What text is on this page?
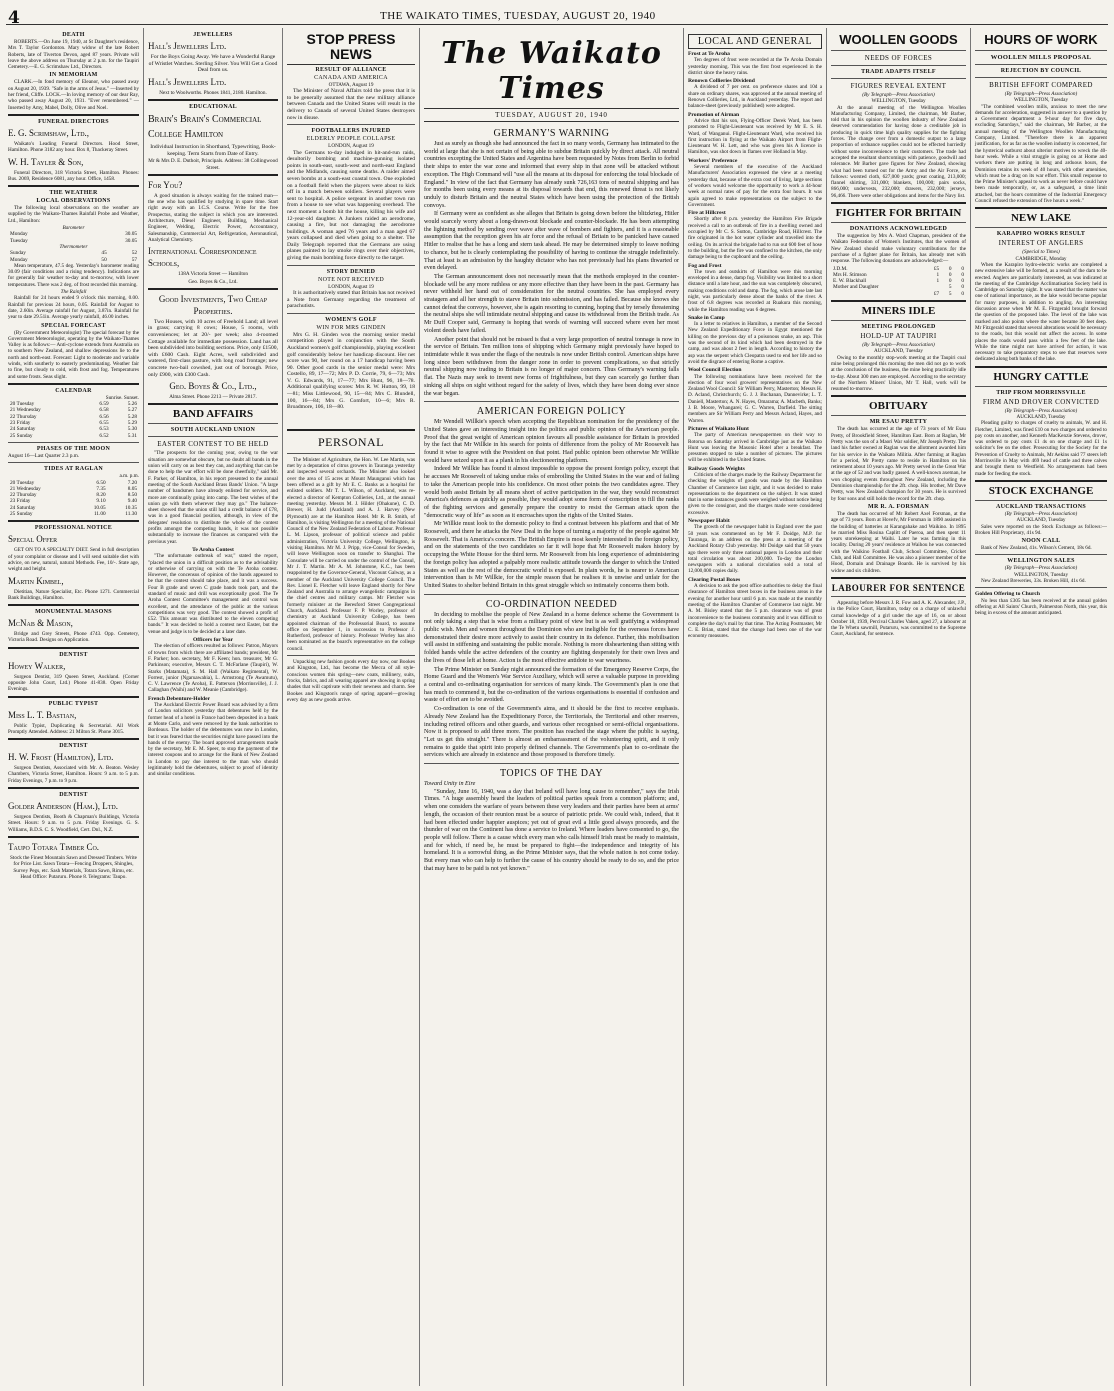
4	THE WAIKATO TIMES, TUESDAY, AUGUST 20, 1940
DEATH

ROBERTS.—On June 19, 1940, at St Daughter's residence, Mrs T. Taylor Gordonton. Mary widow of the late Robert Roberts, late of Tiverton Devon, aged 87 years. Private will leave the above address on Thursday at 2 p.m. for the Taupiri Cemetery.—E. G. Scrimshaw Ltd., Directors.

IN MEMORIAM

CLARK.—In fond memory of Eleanor, who passed away on August 20, 1939. "Safe in the arms of Jesus." —Inserted by her friend, Cliffe. LOCK.—In loving memory of our dear Ray, who passed away August 20, 1931. "Ever remembered." —Inserted by Amy, Mabel, Dolly, Olive and Noel.

FUNERAL DIRECTORS
E. G. Scrimshaw, Ltd.,

Waikato's Leading Funeral Directors. Hood Street, Hamilton. Phone 3182 any hour. Box 8, Thackeray Street.

W. H. Tayler & Son,

Funeral Directors, 318 Victoria Street, Hamilton. Phones: Bus. 2069, Residence 6081, any hour. Office, 1458.

THE WEATHER
LOCAL OBSERVATIONS

The following local observations on the weather are supplied by the Waikato-Thames Rainfall Probe and Weather, Ltd., Hamilton:

Barometer
Monday	30.05
Tuesday	30.05
Thermometer
Sunday	45	52
Monday	50	57

Mean temperature, 47.5 deg. Yesterday's barometer reading 30.09 (fair conditions and a rising tendency). Indications are for generally fair weather to-day and to-morrow, with lower temperatures. There was 2 deg. of frost recorded this morning.

The Rainfall

Rainfall for 24 hours ended 9 o'clock this morning, 0.00. Rainfall for previous 24 hours, 0.05. Rainfall for August to date, 2.60in. Average rainfall for August, 3.87in. Rainfall for year to date 29.51in. Average yearly rainfall, 46.00 inches.

SPECIAL FORECAST

(By Government Meteorologist) The special forecast by the Government Meteorologist, operating by the Waikato-Thames Valley is as follows:— Anti-cyclone extends from Australia on to southern New Zealand, and shallow depressions lie to the north and north-east. Forecast: Light to moderate and variable winds, with southerly to easterly predominating. Weather fair to fine, but cloudy to cold, with frost and fog. Temperatures and some frosts. Seas slight.

CALENDAR
Sunrise. Sunset.
20 Tuesday	6.59	5.26
21 Wednesday	6.58	5.27
22 Thursday	6.56	5.28
23 Friday	6.55	5.29
24 Saturday	6.53	5.30
25 Sunday	6.52	5.31
PHASES OF THE MOON
August 16—Last Quarter 2.3 p.m.
TIDES AT RAGLAN
a.m. p.m.
20 Tuesday	6.50	7.20
21 Wednesday	7.35	8.05
22 Thursday	8.20	8.50
23 Friday	9.10	9.40
24 Saturday	10.05	10.35
25 Sunday	11.00	11.30
PROFESSIONAL NOTICE
Special Offer

GET ON TO A SPECIALTY DIET. Send in full description of your complaint or disease and I will send suitable diet with advice, on new, natural, natural Methods. Fee, 10/-. State age, weight and height.

Martin Kimbel,

Dietitian, Nature Specialist, Etc. Phone 1271. Commercial Bank Buildings, Hamilton.

MONUMENTAL MASONS
McNab & Mason,

Bridge and Grey Streets, Phone 4743. Opp. Cemetery, Victoria Road. Designs on Application.

DENTIST
Howey Walker,

Surgeon Dentist, 319 Queen Street, Auckland. (Corner opposite John Court, Ltd.) Phone 41-838. Open Friday Evenings.

PUBLIC TYPIST
Miss L. T. Bastian,

Public Typist, Duplicating & Secretarial. All Work Promptly Attended. Address: 21 Milton St. Phone 3015.

DENTIST
H. W. Frost (Hamilton), Ltd.

Surgeon Dentists, Associated with Mr. A. Beaton. Wesley Chambers, Victoria Street, Hamilton. Hours: 9 a.m. to 5 p.m. Friday Evenings, 7 p.m. to 9 p.m.

DENTIST
Golder Anderson (Ham.), Ltd.

Surgeon Dentists, Booth & Chapman's Buildings, Victoria Street. Hours: 9 a.m. to 5 p.m. Friday Evenings. G. S. Williams, B.D.S. C. S. Woodfield, Cert. Dnl., N.Z.

Taupo Totara Timber Co.

Stock the Finest Mountain Sawn and Dressed Timbers. Write for Price List. Sawn Totara—Fencing Droppers, Shingles, Survey Pegs, etc. Sash Materials, Totara Sawn, Rimu, etc. Head Office: Putaruru. Phone 8. Telegrams: Taupo.

JEWELLERS
Hall's Jewellers Ltd.

For the Boys Going Away. We have a Wonderful Range of Wristlet Watches. Sterling Silver. You Will Get a Good Deal from us.

Hall's Jewellers Ltd.

Next to Woolworths. Phones 1841, 2180. Hamilton.

EDUCATIONAL
Brain's Brain's Commercial College Hamilton

Individual Instruction in Shorthand, Typewriting, Book-keeping. Term Starts from Date of Entry.

Mr & Mrs D. E. Duthoit, Principals. Address: 38 Collingwood Street.

For You?

A good situation is always waiting for the trained man—the one who has qualified by studying in spare time. Start right away with an I.C.S. Course. Write for the free Prospectus, stating the subject in which you are interested. Architecture, Diesel Engineer, Building, Mechanical Engineer, Welding, Electric Power, Accountancy, Salesmanship, Commercial Art, Refrigeration, Aeronautical, Analytical Chemistry.

International Correspondence Schools,

138A Victoria Street — Hamilton

Geo. Boyes & Co., Ltd.
Good Investments, Two Cheap Properties.

Two Houses, with 10 acres of Freehold Land; all level in grass; carrying 8 cows; House, 5 rooms, with conveniences; let at 20/- per week; also 4-roomed Cottage available for immediate possession. Land has all been subdivided into building sections. Price, only £1500, with £600 Cash. Eight Acres, well subdivided and watered, first-class pasture, with long road frontage; new concrete two-bail cowshed, just out of borough. Price, only £900, with £300 Cash.

Geo. Boyes & Co., Ltd.,

Alma Street. Phone 2213 — Private 2817.

BAND AFFAIRS
SOUTH AUCKLAND UNION
EASTER CONTEST TO BE HELD

"The prospects for the coming year, owing to the war situation are somewhat obscure, but no doubt all bands in the union will carry on as best they can, and anything that can be done to help the war effort will be done cheerfully," said Mr. F. Parker, of Hamilton, in his report presented to the annual meeting of the South Auckland Brass Bands' Union. "A large number of bandsmen have already enlisted for service, and more are continually going into camp. The best wishes of the union go with them wherever they may go." The balance-sheet showed that the union still had a credit balance of £78, was in a good financial position, although, in view of the delegates' resolution to distribute the whole of the contest profits amongst the competing bands, it was not possible substantially to increase the finances as compared with the previous year.

Te Aroha Contest

"The unfortunate outbreak of war," stated the report, "placed the union in a difficult position as to the advisability or otherwise of carrying on with the Te Aroha contest. However, the concensus of opinion of the bands appeared to be that the contest should take place, and it was a success. Four B grade and seven C grade bands took part, and the standard of music and drill was exceptionally good. The Te Aroha Contest Committee's management and control was excellent, and the attendance of the public at the various competitions was very good. The contest showed a profit of £52. This amount was distributed to the eleven competing bands." It was decided to hold a contest next Easter, but the venue and judge is to be decided at a later date.

Officers for Year

The election of officers resulted as follows: Patron, Mayors of towns from which there are affiliated bands; president, Mr F. Parker; hon. secretary, Mr F. Keen; hon. treasurer, Mr G. Parkinson; executive, Messrs C. T. McFarlane (Taupiri), W. Starks (Matamata), S. M. Hall (Waikato Regimental), W. Forrest, junior (Ngaruawahia), L. Armstrong (Te Awamutu), C. V. Lawrence (Te Aroha), E. Patterson (Morrinsville), J. J. Callaghan (Waihi) and W. Meanie (Cambridge).

French Debenture-Holder

The Auckland Electric Power Board was advised by a firm of London solicitors yesterday that debentures held by the former head of a hotel in France had been deposited in a bank at Monte Carlo, and were removed by the bank authorities to Bordeaux. The holder of the debentures was now in London, but it was feared that the securities might have passed into the hands of the enemy. The board approved arrangements made by the secretary, Mr E. M. Speer, to stop the payment of the interest coupons and to arrange for the Bank of New Zealand in London to pay due interest to the man who should legitimately hold the debentures, subject to proof of identity and similar conditions.

STOP PRESS NEWS
RESULT OF ALLIANCE
CANADA AND AMERICA
OTTAWA, August 19

The Minister of Naval Affairs told the press that it is to be generally assumed that the new military alliance between Canada and the United States will result in the delivery to Canada of several United States destroyers now in disuse.

FOOTBALLERS INJURED
ELDERLY PEOPLE COLLAPSE
LONDON, August 19

The Germans to-day indulged in hit-and-run raids, desultorily bombing and machine-gunning isolated points in south-east, south-west and north-east England and the Midlands, causing some deaths. A raider aimed seven bombs at a south-east coastal town. One exploded on a football field when the players were about to kick off in a match between soldiers. Several players were sent to hospital. A police sergeant in another town ran from a house to see what was happening overhead. The next moment a bomb hit the house, killing his wife and 12-year-old daughter. A Junkers raided an aerodrome, causing a fire, but not damaging the aerodrome buildings. A woman aged 76 years and a man aged 67 years collapsed and died when going to a shelter. The Daily Telegraph reported that the Germans are using planes painted to lay smoke rings over their objectives, giving the main bombing force directly to the target.

STORY DENIED
NOTE NOT RECEIVED
LONDON, August 19

It is authoritatively stated that Britain has not received a Note from Germany regarding the treatment of parachutists.

WOMEN'S GOLF
WIN FOR MRS GINDEN

Mrs G. H. Ginden won the morning senior medal competition played in conjunction with the South Auckland women's golf championship, playing excellent golf considerably below her handicap discount. Her net score was 90, her round on a 17 handicap having been 90. Other good cards in the senior medal were: Mrs Costello, 89, 17—72; Mrs P. D. Corrie, 79, 6—73; Mrs V. G. Edwards, 91, 17—77; Mrs Hunt, 96, 18—78. Additional qualifying scores: Mrs R. W. Hutton, 99, 18—81; Miss Littlewood, 90, 15—84; Mrs C. Blundell, 100, 16—84; Mrs G. Comfort, 10—6; Mrs R. Broadmore, 106, 18—80.

PERSONAL

The Minister of Agriculture, the Hon. W. Lee Martin, was met by a deputation of citrus growers in Tauranga yesterday and inspected several orchards. The Minister also looked over the area of 15 acres at Mount Maunganui which has been offered as a gift by Mr E. C. Banks as a hospital for enlisted soldiers. Mr T. L. Wilson, of Auckland, was re-elected a director of Kempton Collieries, Ltd., at the annual meeting yesterday. Messrs M. J. Hilder (Ohakune), C. D. Brewer, H. Judd (Auckland) and A. J. Harvey (New Plymouth) are at the Hamilton Hotel. Mr R. B. Smith, of Hamilton, is visiting Wellington for a meeting of the National Council of the New Zealand Federation of Labour. Professor L. M. Lipson, professor of political science and public administration, Victoria University College, Wellington, is visiting Hamilton. Mr M. J. Pripp, vice-Consul for Sweden, will leave Wellington soon on transfer to Shanghai. The Consulate will be carried on under the control of the Consul, Mr J. T. Martin. Mr A. M. Johnstone, K.C., has been reappointed by the Governor-General, Viscount Galway, as a member of the Auckland University College Council. The Rev. Lionel E. Fletcher will leave England shortly for New Zealand and Australia to arrange evangelistic campaigns in the chief centres and military camps. Mr Fletcher was formerly minister at the Beresford Street Congregational Church, Auckland. Professor F. P. Worley, professor of chemistry at Auckland University College, has been appointed chairman of the Professorial Board, to assume office on September 1, in succession to Professor J. Rutherford, professor of history. Professor Worley has also been nominated as the board's representative on the college council.

Unpacking new fashion goods every day now, our Bookes and Kingston, Ltd., has become the Mecca of all style-conscious women this spring—new coats, millinery, suits, frocks, fabrics, and all wearing apparel are showing in spring shades that will captivate with their newness and charm. See Bookes and Kingston's range of spring apparel—growing every day as new goods arrive.

The Waikato Times
TUESDAY, AUGUST 20, 1940
GERMANY'S WARNING

Just as surely as though she had announced the fact in so many words, Germany has intimated to the world at large that she is not certain of being able to subdue Britain quickly by direct attack. All neutral countries excepting the United States and Argentina have been requested by Notes from Berlin to forbid their ships to enter the war zone and informed that every ship in that zone will be attacked without exception. The High Command will "use all the means at its disposal for enforcing the total blockade of England." In view of the fact that Germany has already sunk 726,163 tons of neutral shipping and has for months been using every means at its disposal towards that end, this renewed threat is not likely unduly to disturb Britain and the neutral States which have been using the protection of the British convoys.

If Germany were as confident as she alleges that Britain is going down before the blitzkrieg, Hitler would scarcely worry about a long-drawn-out blockade and counter-blockade. He has been attempting the lightning method by sending over wave after wave of bombers and fighters, and it is a reasonable assumption that the reception given his air force and the refusal of Britain to be panicked have caused Hitler to realise that he has a long and stern task ahead. He may be determined simply to leave nothing to chance, but he is clearly contemplating the possibility of having to continue the struggle indefinitely. That at least is an admission by the haughty dictator who has not previously had his plans thwarted or even delayed.

The German announcement does not necessarily mean that the methods employed in the counter-blockade will be any more ruthless or any more effective than they have been in the past. Germany has never withheld her hand out of consideration for the neutral countries. She has employed every stratagem and all her strength to starve Britain into submission, and has failed. Because she knows she cannot defeat the convoys, however, she is again resorting to cunning, hoping that by tersely threatening the neutral ships she will intimidate neutral shipping and cause its withdrawal from the British trade. As Mr Duff Cooper said, Germany is hoping that words of warning will succeed where even her most violent deeds have failed.

Another point that should not be missed is that a very large proportion of neutral tonnage is now in the service of Britain. Ten million tons of shipping which Germany might previously have hoped to intimidate while it was under the flags of the neutrals is now under British control. American ships have long since been withdrawn from the danger zone in order to prevent complications, so that strictly neutral shipping now trading to Britain is no longer of major concern. Thus Germany's warning falls flat. The Nazis may seek to invent new forms of frightfulness, but they can scarcely go further than sinking all ships on sight without regard for the safety of lives, which they have been doing ever since the war began.

AMERICAN FOREIGN POLICY

Mr Wendell Willkie's speech when accepting the Republican nomination for the presidency of the United States gave an interesting insight into the politics and public opinion of the American people. Proof that the great weight of American opinion favours all possible assistance for Britain is provided by the fact that Mr Willkie in his search for points of difference from the policy of Mr Roosevelt has found it wise to agree with the President on that point. Had public opinion been otherwise Mr Willkie would have seized upon it as a plank in his electioneering platform.

Indeed Mr Willkie has found it almost impossible to oppose the present foreign policy, except that he accuses Mr Roosevelt of taking undue risks of embroiling the United States in the war and of failing to take the American people into his confidence. On most other points the two candidates agree. They would both assist Britain by all means short of active participation in the war, they would reconstruct America's defences as quickly as possible, they would adopt some form of conscription to fill the ranks of the fighting services and generally prepare the country to resist the German attack upon the "democratic way of life" as soon as it encroaches upon the rights of the United States.

Mr Willkie must look to the domestic policy to find a contrast between his platform and that of Mr Roosevelt, and there he attacks the New Deal in the hope of turning a majority of the people against Mr Roosevelt. That is America's concern. The British Empire is most keenly interested in the foreign policy, and on the statements of the two candidates so far it will hope that Mr Roosevelt makes history by occupying the White House for the third term. Mr Roosevelt from his long experience of administering the foreign policy has adopted a palpably more realistic attitude towards the danger to which the United States as well as the rest of the democratic world is exposed. In plain words, he is nearer to American intervention than is Mr Willkie, for the simple reason that he realises it is unwise and unfair for the United States to shelter behind Britain in this great struggle which so intimately concerns them both.

CO-ORDINATION NEEDED

In deciding to mobilise the people of New Zealand in a home defence scheme the Government is not only taking a step that is wise from a military point of view but is as well gratifying a widespread public wish. Men and women throughout the Dominion who are ineligible for the overseas forces have demonstrated their desire more actively to assist their country in its defence. Further, this mobilisation will assist in stiffening and sustaining the public morale. Nothing is more disheartening than sitting with folded hands while the active defenders of the country are fighting desperately for their own lives and the lives of those left at home. Action is the most effective antidote to war weariness.

The Prime Minister on Sunday night announced the formation of the Emergency Reserve Corps, the Home Guard and the Women's War Service Auxiliary, which will serve a valuable purpose in providing a central and co-ordinating organisation for services of many kinds. The Government's plan is one that has much to commend it, but the co-ordination of the various organisations is essential if confusion and waste of effort are to be avoided.

Co-ordination is one of the Government's aims, and it should be the first to receive emphasis. Already New Zealand has the Expeditionary Force, the Territorials, the Territorial and other reserves, including retired officers and other guards, and various other recognised or semi-official organisations. Now it is proposed to add three more. The position has reached the stage where the public is saying, "Let us get this straight." There is almost an embarrassment of the volunteering spirit, and it only remains to guide that spirit into properly defined channels. The Government's plan to co-ordinate the services which are already in existence and those proposed is therefore timely.

TOPICS OF THE DAY
Toward Unity in Eire

"Sunday, June 16, 1940, was a day that Ireland will have long cause to remember," says the Irish Times. "A huge assembly heard the leaders of political parties speak from a common platform; and, when one considers the warfare of years between these very leaders and their parties have been at arms' length, the occasion of their reunion must be a source of patriotic pride. We could wish, indeed, that it had been effected under happier auspices; yet out of great evil a little good always proceeds, and the thunder of war on the Continent has done a service to Ireland. Where leaders have consented to go, the people will follow. There is a cause which every man who calls himself Irish must be ready to maintain, and for which, if need be, he must be prepared to fight—the independence and integrity of his homeland. It is a sorrowful thing, as the Prime Minister says, that the whole nation is not come today. But every man who can help to further the cause of his country should be ready to do so, and the price that may have to be paid is not yet known."

LOCAL AND GENERAL
Frost at Te Aroha

Ten degrees of frost were recorded at the Te Aroha Domain yesterday morning. This was the first frost experienced in the district since the heavy rains.

Renown Collieries Dividend

A dividend of 7 per cent. on preference shares and 10d a share on ordinary shares, was approved at the annual meeting of Renown Collieries, Ltd., in Auckland yesterday. The report and balance-sheet (previously published) were adopted.

Promotion of Airman

Advice that his son, Flying-Officer Derek Ward, has been promoted to Flight-Lieutenant was received by Mr E. S. H. Ward, of Wanganui. Flight-Lieutenant Ward, who received his first instruction in flying at the Waikato Airport from Flight-Lieutenant W. H. Lett, and who was given his A licence in Hamilton, was shot down in flames over Holland in May.

Workers' Preference

Several members of the executive of the Auckland Manufacturers' Association expressed the view at a meeting yesterday that, because of the extra cost of living, large sections of workers would welcome the opportunity to work a 44-hour week at normal rates of pay for the extra four hours. It was again agreed to make representations on the subject to the Government.

Fire at Hillcrest

Shortly after 8 p.m. yesterday the Hamilton Fire Brigade received a call to an outbreak of fire in a dwelling owned and occupied by Mr C. S. Sutton, Cambridge Road, Hillcrest. The fire originated in the hot water cylinder and travelled into the ceiling. On its arrival the brigade had to run out 600 feet of hose to the building, but the fire was confined to the kitchen, the only damage being to the cupboard and the ceiling.

Fog and Frost

The town and outskirts of Hamilton were this morning enveloped in a dense, damp fog. Visibility was limited to a short distance until a late hour, and the sun was completely obscured, making conditions cold and damp. The fog, which arose late last night, was particularly dense about the banks of the river. A frost of 6.8 degrees was recorded at Ruakura this morning, while the Hamilton reading was 6 degrees.

Snake in Camp

In a letter to relatives in Hamilton, a member of the Second New Zealand Expeditionary Force in Egypt mentioned the killing on the previous day of a poisonous snake, an asp. This was the second of its kind which had been destroyed in the camp, and was about 2 feet in length. According to history the asp was the serpent which Cleopatra used to end her life and so avoid the disgrace of entering Rome a captive.

Wool Council Election

The following nominations have been received for the election of four wool growers' representatives on the New Zealand Wool Council: Sir William Perry, Masterton; Messrs H. D. Acland, Christchurch; G. J. J. Buchanan, Dannevirke; L. T. Daniell, Masterton; A. N. Hayes, Omarama; A. Macbeth, Banks; J. B. Moore, Whangarei; G. C. Warren, Darfield. The sitting members are Sir William Perry and Messrs Acland, Hayes, and Warren.

Pictures of Waikato Hunt

The party of American newspapermen on their way to Rotorua on Saturday arrived in Cambridge just as the Waikato Hunt was leaving the Masonic Hotel after a breakfast. The pressmen stopped to take a number of pictures. The pictures will be exhibited in the United States.

Railway Goods Weights

Criticism of the charges made by the Railway Department for checking the weights of goods was made by the Hamilton Chamber of Commerce last night, and it was decided to make representations to the department on the subject. It was stated that in some instances goods were weighed without notice being given to the consignor, and the charges made were considered excessive.

Newspaper Habit

The growth of the newspaper habit in England over the past 50 years was commented on by Mr F. Doidge, M.P. for Tauranga, in an address on the press at a meeting of the Auckland Rotary Club yesterday. Mr Doidge said that 50 years ago there were only three national papers in London and their total circulation was about 200,000. To-day the London newspapers with a national circulation sold a total of 12,000,000 copies daily.

Clearing Postal Boxes

A decision to ask the post office authorities to delay the final clearance of Hamilton street boxes in the business areas in the evening for another hour until 6 p.m. was made at the monthly meeting of the Hamilton Chamber of Commerce last night. Mr A. M. Bisley stated that the 5 p.m. clearance was of great inconvenience to the business community and it was difficult to complete the day's mail by that time. The Acting Postmaster, Mr C. E. Brian, stated that the change had been one of the war economy measures.

WOOLLEN GOODS
NEEDS OF FORCES
TRADE ADAPTS ITSELF
FIGURES REVEAL EXTENT
(By Telegraph—Press Association)
WELLINGTON, Tuesday

At the annual meeting of the Wellington Woollen Manufacturing Company, Limited, the chairman, Mr Barber, told that in his opinion the woollen industry of New Zealand deserved commendation for having done a creditable job in producing in quick time high quality supplies for the fighting forces. The change over from a domestic output to a large proportion of ordnance supplies could not be effected hurriedly without some inconvenience to their customers. The trade had accepted the resultant shortcomings with patience, goodwill and tolerance. Mr Barber gave figures for New Zealand, showing what had been turned out for the Army and the Air Force, as follows: worsted cloth, 627,000 yards; great coating, 213,000; flannel shirting, 331,000; blankets, 100,000; pairs socks, 866,000; undervests, 232,000; drawers, 232,000; jerseys, 96,466. There were other obligations and items for the Navy list.

FIGHTER FOR BRITAIN
DONATIONS ACKNOWLEDGED

The suggestion by Mrs A. Ward Chapman, president of the Waikato Federation of Women's Institutes, that the women of New Zealand should make voluntary contributions for the purchase of a fighter plane for Britain, has already met with response. The following donations are acknowledged:—

J.D.M.	£5	0	0
Mrs H. Stimson	1	0	0
E. W. Blackhall	1	0	0
Mother and Daughter		5	0
	£7	5	0
MINERS IDLE
MEETING PROLONGED
HOLD-UP AT TAUPIRI
(By Telegraph—Press Association)
AUCKLAND, Tuesday

Owing to the monthly stop-work meeting at the Taupiri coal mine being prolonged this morning the men did not go to work at the conclusion of the business, the mine being practically idle to-day. About 300 men are employed. According to the secretary of the Northern Miners' Union, Mr T. Hall, work will be resumed to-morrow.

OBITUARY
MR ESAU PRETTY

The death has occurred at the age of 73 years of Mr Esau Pretty, of Brookfield Street, Hamilton East. Born at Raglan, Mr Pretty was the son of a Maori War soldier, Mr Joseph Pretty. The land his father owned at Raglan was the allotment awarded him for his service in the Waikato Militia. After farming at Raglan for a period, Mr Pretty came to reside in Hamilton on his retirement about 10 years ago. Mr Pretty served in the Great War at the age of 52 and was badly gassed. A well-known axeman, he won chopping events throughout New Zealand, including the Dominion championship for the 2ft. chop. His brother, Mr Dave Pretty, was New Zealand champion for 30 years. He is survived by four sons and still holds the record for the 2ft. chop.

MR R. A. FORSMAN

The death has occurred of Mr Robert Axel Forsman, at the age of 73 years. Born at Hovefv, Mr Forsman in 1890 assisted in the building of batteries at Karangahake and Waikino. In 1895 he married Miss Rosina Caplitt of Paeroa, and then spent 11 years storekeeping at Waihi. Later he was farming in this locality. During 20 years' residence at Waihou he was connected with the Waikino Football Club, School Committee, Cricket Club, and Hall Committee. He was also a pioneer member of the Hood, Domain and Drainage Boards. He is survived by his widow and six children.

LABOURER FOR SENTENCE

Appearing before Messrs J. R. Fow and A. K. Alexander, J.P., in the Police Court, Hamilton, today on a charge of unlawful carnal knowledge of a girl under the age of 16, on or about October 18, 1939, Percival Charles Vaken, aged 27, a labourer at the Te Whetu sawmill, Putaruru, was committed to the Supreme Court, Auckland, for sentence.

HOURS OF WORK
WOOLLEN MILLS PROPOSAL
REJECTION BY COUNCIL
BRITISH EFFORT COMPARED
(By Telegraph—Press Association)
WELLINGTON, Tuesday

"The combined woollen mills, anxious to meet the new demands for acceleration, suggested in answer to a question by a Government department a 9-hour day for five days, excluding Saturdays," said the chairman, Mr Barber, at the annual meeting of the Wellington Woollen Manufacturing Company, Limited. "Therefore there is an apparent justification, for as far as the woollen industry is concerned, for the hysterical outburst about ulterior motives to wreck the 40-hour week. While a vital struggle is going on at Home and workers there are putting in long and arduous hours, the Dominion retains its week of 40 hours, with other amenities, which must be a drag on its war effort. This small response to the Prime Minister's appeal to work as never before could have been made temporarily, or, as a safeguard, a time limit attached, but the hours committee of the Industrial Emergency Council refused the extension of five hours a week."

NEW LAKE
KARAPIRO WORKS RESULT
INTEREST OF ANGLERS
(Special to Times)
CAMBRIDGE, Monday

When the Karapiro hydro-electric works are completed a new extensive lake will be formed, as a result of the dam to be erected. Anglers are particularly interested, as was indicated at the meeting of the Cambridge Acclimatisation Society held in Cambridge on Saturday night. It was stated that the matter was one of national importance, as the lake would become popular for many purposes, in addition to angling. An interesting discussion arose when Mr M. E. Fitzgerald brought forward the question of the proposed lake. The level of the lake was marked and also points where the water became 30 feet deep. Mr Fitzgerald stated that several alterations would be necessary to the roads, but this would not affect the access. In some places the roads would pass within a few feet of the lake. While the time might not have arrived for action, it was necessary to take preparatory steps to see that reserves were dedicated along both banks of the lake.

HUNGRY CATTLE
TRIP FROM MORRINSVILLE
FIRM AND DROVER CONVICTED
(By Telegraph—Press Association)
AUCKLAND, Tuesday

Pleading guilty to charges of cruelty to animals, W. and H. Fletcher, Limited, was fined £10 on two charges and ordered to pay costs on another, and Kenneth MacKenzie Stevens, drover, was ordered to pay costs £1 4s on one charge and £1 1s solicitor's fee on the other. Prosecuting for the Society for the Prevention of Cruelty to Animals, Mr Aekins said 77 steers left Morrinsville in May with 469 head of cattle and three calves and brought them to Westfield. No arrangements had been made for feeding the stock.

STOCK EXCHANGE
AUCKLAND TRANSACTIONS
(By Telegraph—Press Association)
AUCKLAND, Tuesday

Sales were reported on the Stock Exchange as follows:— Broken Hill Proprietary, 41s 9d.

NOON CALL

Bank of New Zealand, 41s. Wilson's Cement, 18s 6d.

WELLINGTON SALES
(By Telegraph—Press Association)
WELLINGTON, Tuesday

New Zealand Breweries, 33s. Broken Hill, 41s 6d.

Golden Offering to Church

No less than £305 has been received at the annual golden offering at All Saints' Church, Palmerston North, this year, this being in excess of the amount anticipated.
